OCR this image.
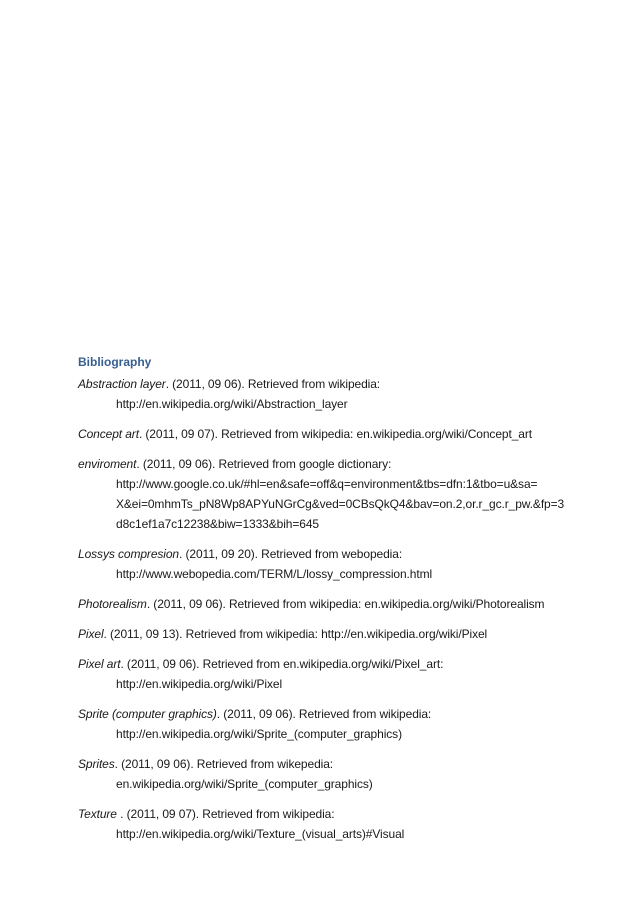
Bibliography
Abstraction layer. (2011, 09 06). Retrieved from wikipedia:
http://en.wikipedia.org/wiki/Abstraction_layer
Concept art. (2011, 09 07). Retrieved from wikipedia: en.wikipedia.org/wiki/Concept_art
enviroment. (2011, 09 06). Retrieved from google dictionary:
http://www.google.co.uk/#hl=en&safe=off&q=environment&tbs=dfn:1&tbo=u&sa=
X&ei=0mhmTs_pN8Wp8APYuNGrCg&ved=0CBsQkQ4&bav=on.2,or.r_gc.r_pw.&fp=3
d8c1ef1a7c12238&biw=1333&bih=645
Lossys compresion. (2011, 09 20). Retrieved from webopedia:
http://www.webopedia.com/TERM/L/lossy_compression.html
Photorealism. (2011, 09 06). Retrieved from wikipedia: en.wikipedia.org/wiki/Photorealism
Pixel. (2011, 09 13). Retrieved from wikipedia: http://en.wikipedia.org/wiki/Pixel
Pixel art. (2011, 09 06). Retrieved from en.wikipedia.org/wiki/Pixel_art:
http://en.wikipedia.org/wiki/Pixel
Sprite (computer graphics). (2011, 09 06). Retrieved from wikipedia:
http://en.wikipedia.org/wiki/Sprite_(computer_graphics)
Sprites. (2011, 09 06). Retrieved from wikepedia:
en.wikipedia.org/wiki/Sprite_(computer_graphics)
Texture . (2011, 09 07). Retrieved from wikipedia:
http://en.wikipedia.org/wiki/Texture_(visual_arts)#Visual
